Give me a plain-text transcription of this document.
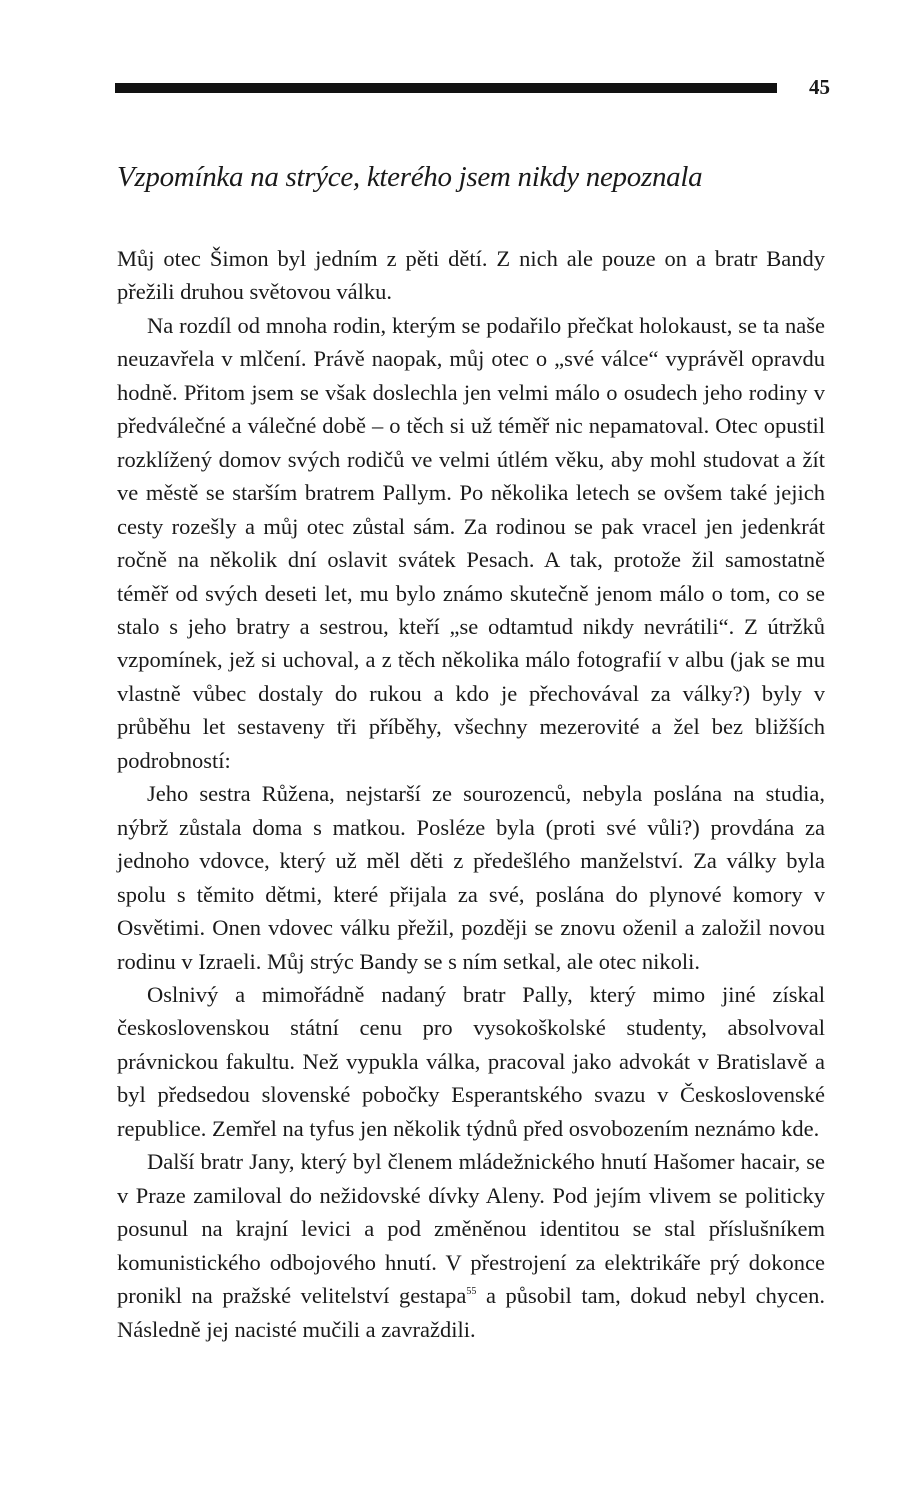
45
Vzpomínka na strýce, kterého jsem nikdy nepoznala

Můj otec Šimon byl jedním z pěti dětí. Z nich ale pouze on a bratr Bandy přežili druhou světovou válku.

Na rozdíl od mnoha rodin, kterým se podařilo přečkat holokaust, se ta naše neuzavřela v mlčení. Právě naopak, můj otec o „své válce“ vyprávěl opravdu hodně. Přitom jsem se však doslechla jen velmi málo o osudech jeho rodiny v předválečné a válečné době – o těch si už téměř nic nepamatoval. Otec opustil rozklížený domov svých rodičů ve velmi útlém věku, aby mohl studovat a žít ve městě se starším bratrem Pallym. Po několika letech se ovšem také jejich cesty rozešly a můj otec zůstal sám. Za rodinou se pak vracel jen jedenkrát ročně na několik dní oslavit svátek Pesach. A tak, protože žil samostatně téměř od svých deseti let, mu bylo známo skutečně jenom málo o tom, co se stalo s jeho bratry a sestrou, kteří „se odtamtud nikdy nevrátili“. Z útržků vzpomínek, jež si uchoval, a z těch několika málo fotografií v albu (jak se mu vlastně vůbec dostaly do rukou a kdo je přechovával za války?) byly v průběhu let sestaveny tři příběhy, všechny mezerovité a žel bez bližších podrobností:

Jeho sestra Růžena, nejstarší ze sourozenců, nebyla poslána na studia, nýbrž zůstala doma s matkou. Posléze byla (proti své vůli?) provdána za jednoho vdovce, který už měl děti z předešlého manželství. Za války byla spolu s těmito dětmi, které přijala za své, poslána do plynové komory v Osvětimi. Onen vdovec válku přežil, později se znovu oženil a založil novou rodinu v Izraeli. Můj strýc Bandy se s ním setkal, ale otec nikoli.

Oslnivý a mimořádně nadaný bratr Pally, který mimo jiné získal československou státní cenu pro vysokoškolské studenty, absolvoval právnickou fakultu. Než vypukla válka, pracoval jako advokát v Bratislavě a byl předsedou slovenské pobočky Esperantského svazu v Československé republice. Zemřel na tyfus jen několik týdnů před osvobozením neznámo kde.

Další bratr Jany, který byl členem mládežnického hnutí Hašomer hacair, se v Praze zamiloval do nežidovské dívky Aleny. Pod jejím vlivem se politicky posunul na krajní levici a pod změněnou identitou se stal příslušníkem komunistického odbojového hnutí. V přestrojení za elektrikáře prý dokonce pronikl na pražské velitelství gestapa$^{55}$ a působil tam, dokud nebyl chycen. Následně jej nacisté mučili a zavraždili.
